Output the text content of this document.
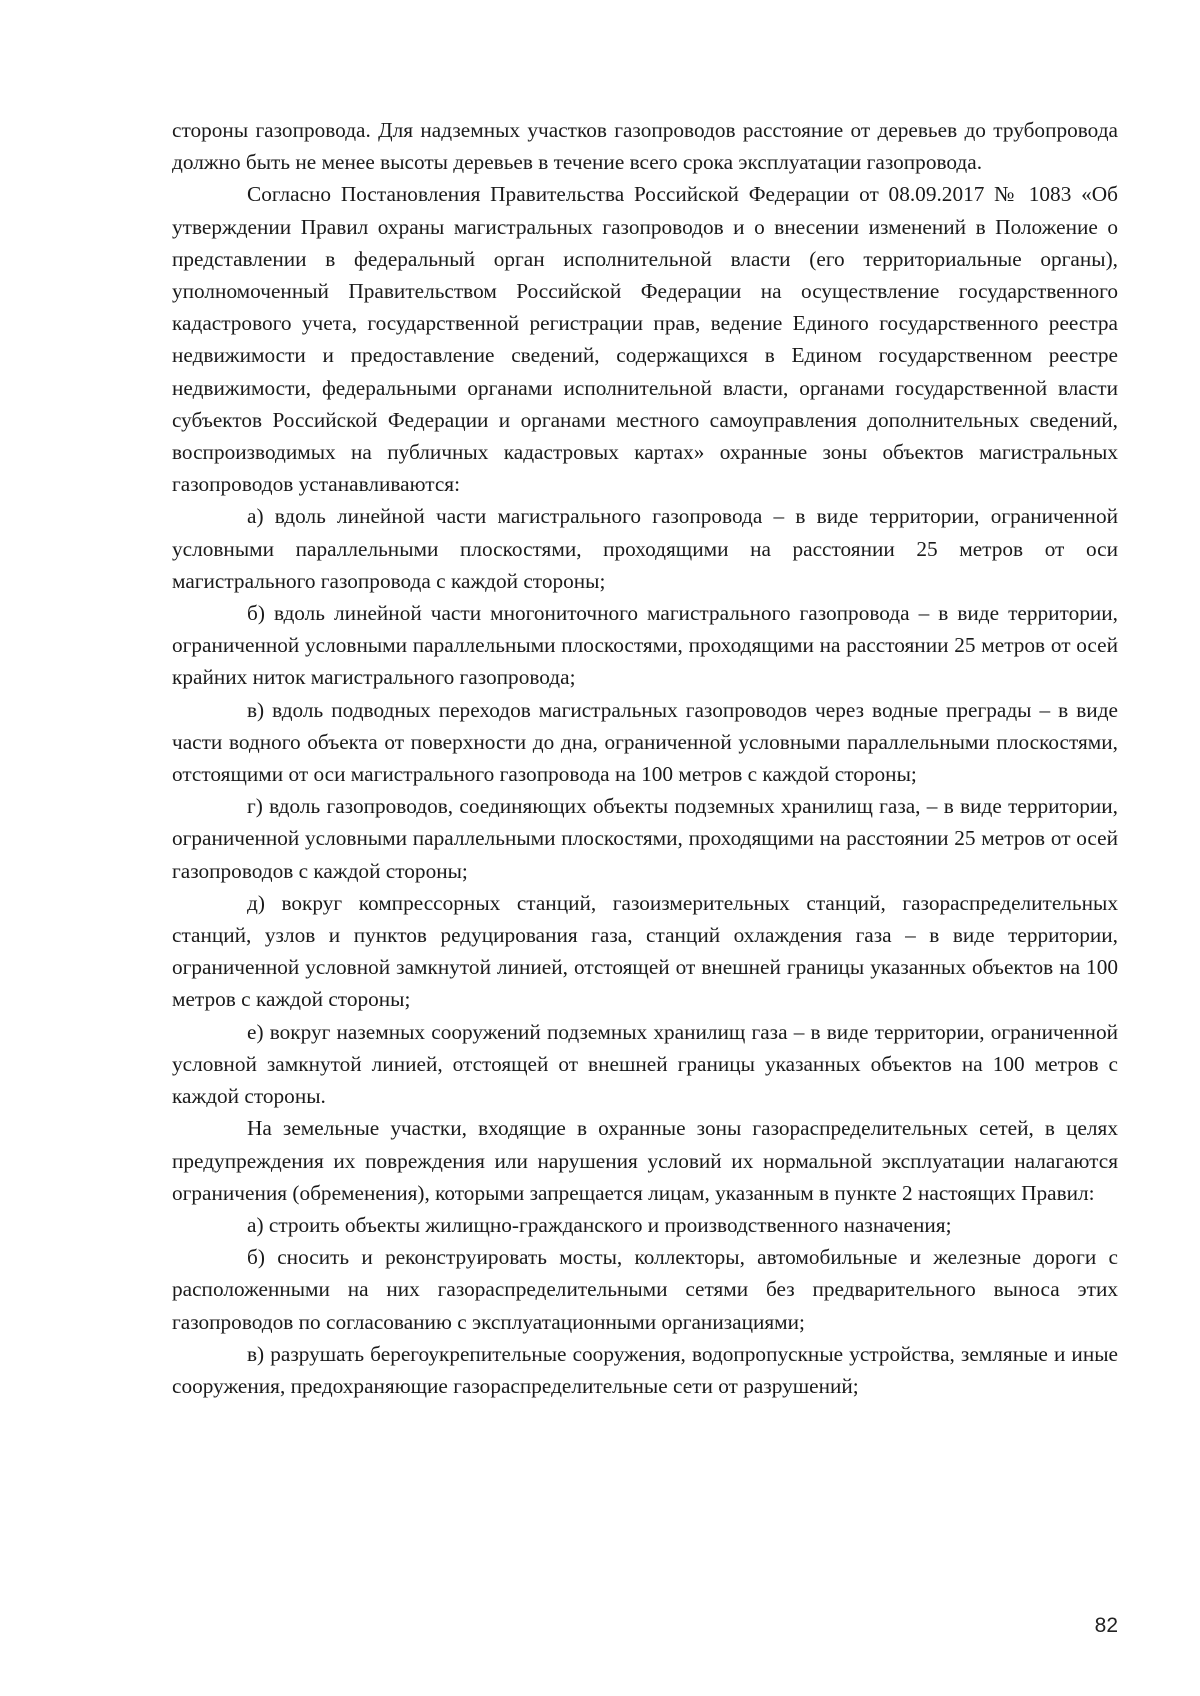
стороны газопровода. Для надземных участков газопроводов расстояние от деревьев до трубопровода должно быть не менее высоты деревьев в течение всего срока эксплуатации газопровода.

Согласно Постановления Правительства Российской Федерации от 08.09.2017 № 1083 «Об утверждении Правил охраны магистральных газопроводов и о внесении изменений в Положение о представлении в федеральный орган исполнительной власти (его территориальные органы), уполномоченный Правительством Российской Федерации на осуществление государственного кадастрового учета, государственной регистрации прав, ведение Единого государственного реестра недвижимости и предоставление сведений, содержащихся в Едином государственном реестре недвижимости, федеральными органами исполнительной власти, органами государственной власти субъектов Российской Федерации и органами местного самоуправления дополнительных сведений, воспроизводимых на публичных кадастровых картах» охранные зоны объектов магистральных газопроводов устанавливаются:

а) вдоль линейной части магистрального газопровода – в виде территории, ограниченной условными параллельными плоскостями, проходящими на расстоянии 25 метров от оси магистрального газопровода с каждой стороны;

б) вдоль линейной части многониточного магистрального газопровода – в виде территории, ограниченной условными параллельными плоскостями, проходящими на расстоянии 25 метров от осей крайних ниток магистрального газопровода;

в) вдоль подводных переходов магистральных газопроводов через водные преграды – в виде части водного объекта от поверхности до дна, ограниченной условными параллельными плоскостями, отстоящими от оси магистрального газопровода на 100 метров с каждой стороны;

г) вдоль газопроводов, соединяющих объекты подземных хранилищ газа, – в виде территории, ограниченной условными параллельными плоскостями, проходящими на расстоянии 25 метров от осей газопроводов с каждой стороны;

д) вокруг компрессорных станций, газоизмерительных станций, газораспределительных станций, узлов и пунктов редуцирования газа, станций охлаждения газа – в виде территории, ограниченной условной замкнутой линией, отстоящей от внешней границы указанных объектов на 100 метров с каждой стороны;

е) вокруг наземных сооружений подземных хранилищ газа – в виде территории, ограниченной условной замкнутой линией, отстоящей от внешней границы указанных объектов на 100 метров с каждой стороны.

На земельные участки, входящие в охранные зоны газораспределительных сетей, в целях предупреждения их повреждения или нарушения условий их нормальной эксплуатации налагаются ограничения (обременения), которыми запрещается лицам, указанным в пункте 2 настоящих Правил:

а) строить объекты жилищно-гражданского и производственного назначения;

б) сносить и реконструировать мосты, коллекторы, автомобильные и железные дороги с расположенными на них газораспределительными сетями без предварительного выноса этих газопроводов по согласованию с эксплуатационными организациями;

в) разрушать берегоукрепительные сооружения, водопропускные устройства, земляные и иные сооружения, предохраняющие газораспределительные сети от разрушений;

82
